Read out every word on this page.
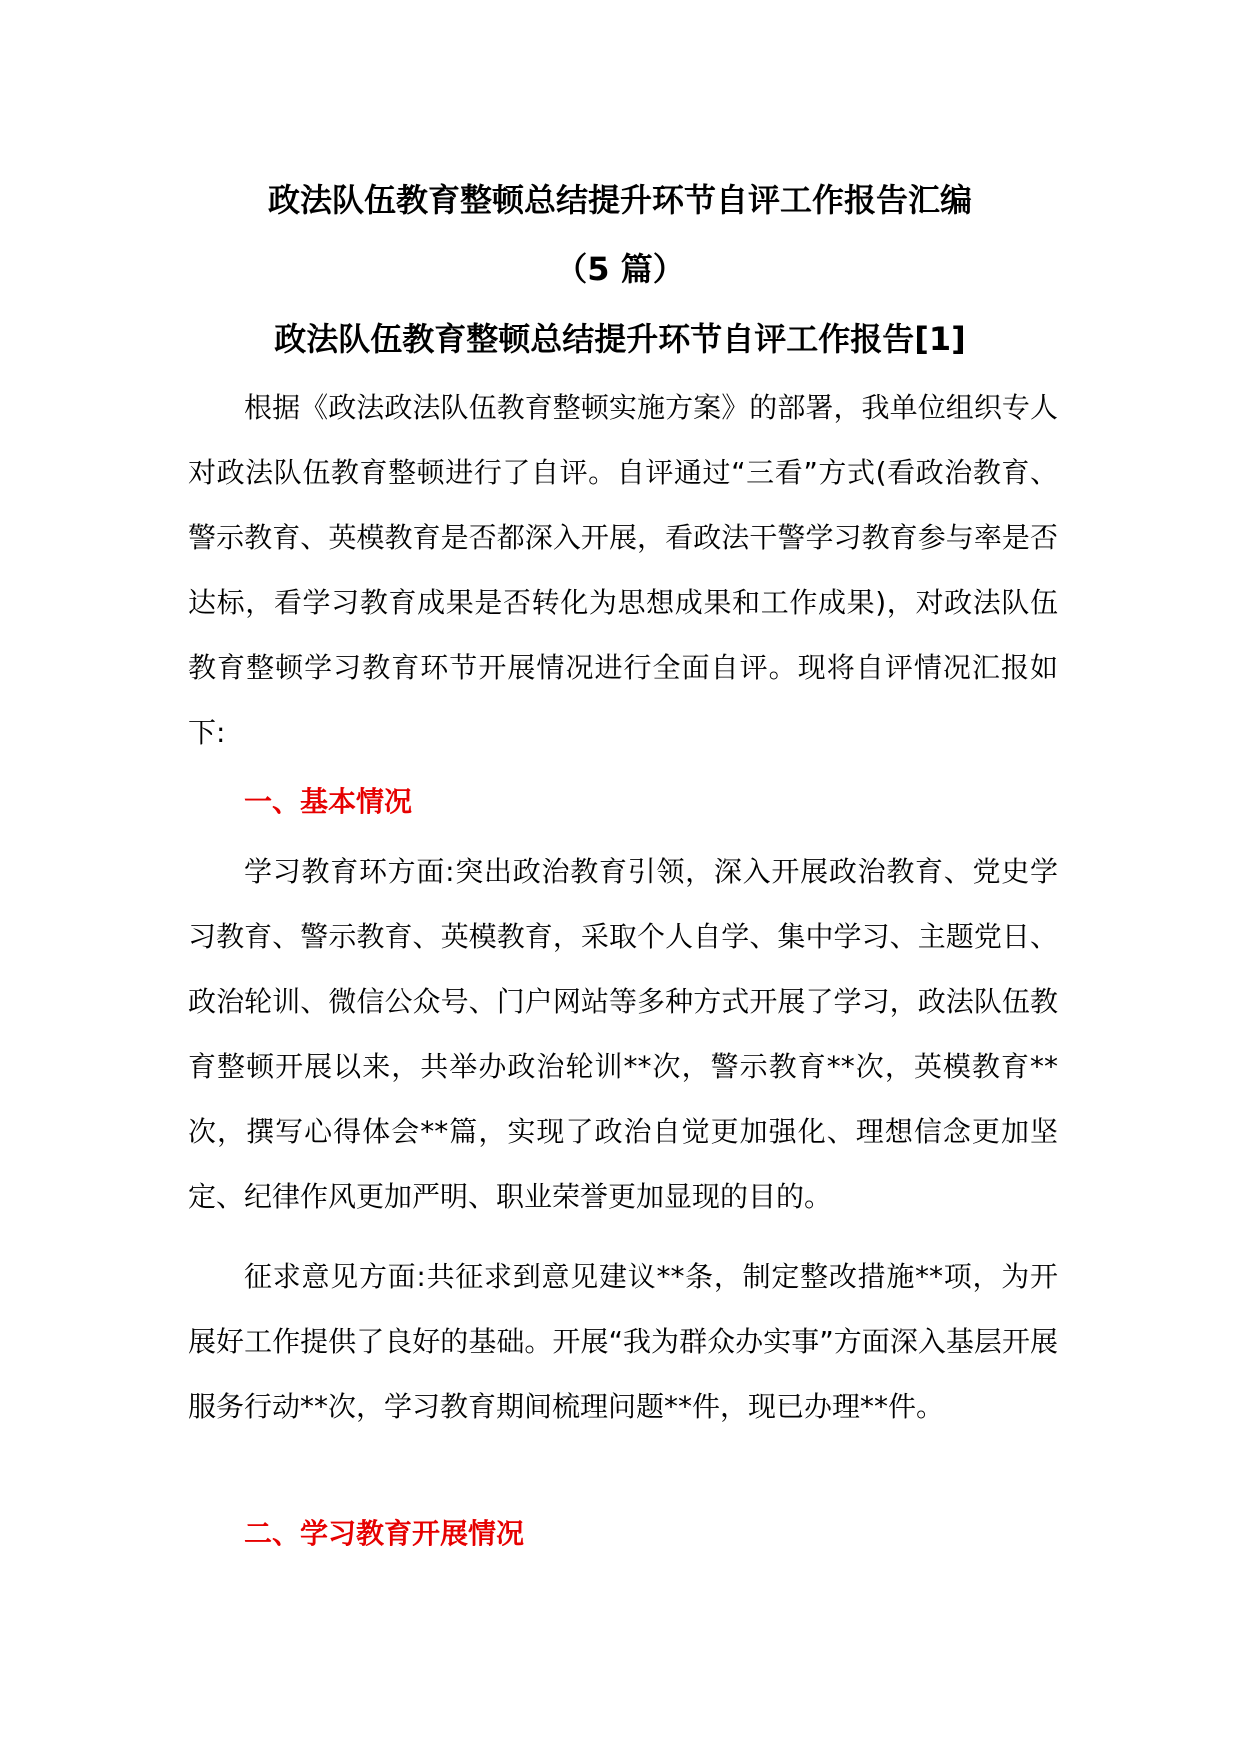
政法队伍教育整顿总结提升环节自评工作报告汇编
（5 篇）
政法队伍教育整顿总结提升环节自评工作报告[1]

根据《政法政法队伍教育整顿实施方案》的部署，我单位组织专人对政法队伍教育整顿进行了自评。自评通过“三看”方式(看政治教育、警示教育、英模教育是否都深入开展，看政法干警学习教育参与率是否达标，看学习教育成果是否转化为思想成果和工作成果)，对政法队伍教育整顿学习教育环节开展情况进行全面自评。现将自评情况汇报如下:

一、基本情况

学习教育环方面:突出政治教育引领，深入开展政治教育、党史学习教育、警示教育、英模教育，采取个人自学、集中学习、主题党日、政治轮训、微信公众号、门户网站等多种方式开展了学习，政法队伍教育整顿开展以来，共举办政治轮训**次，警示教育**次，英模教育**次，撰写心得体会**篇，实现了政治自觉更加强化、理想信念更加坚定、纪律作风更加严明、职业荣誉更加显现的目的。

征求意见方面:共征求到意见建议**条，制定整改措施**项，为开展好工作提供了良好的基础。开展“我为群众办实事”方面深入基层开展服务行动**次，学习教育期间梳理问题**件，现已办理**件。

二、学习教育开展情况
